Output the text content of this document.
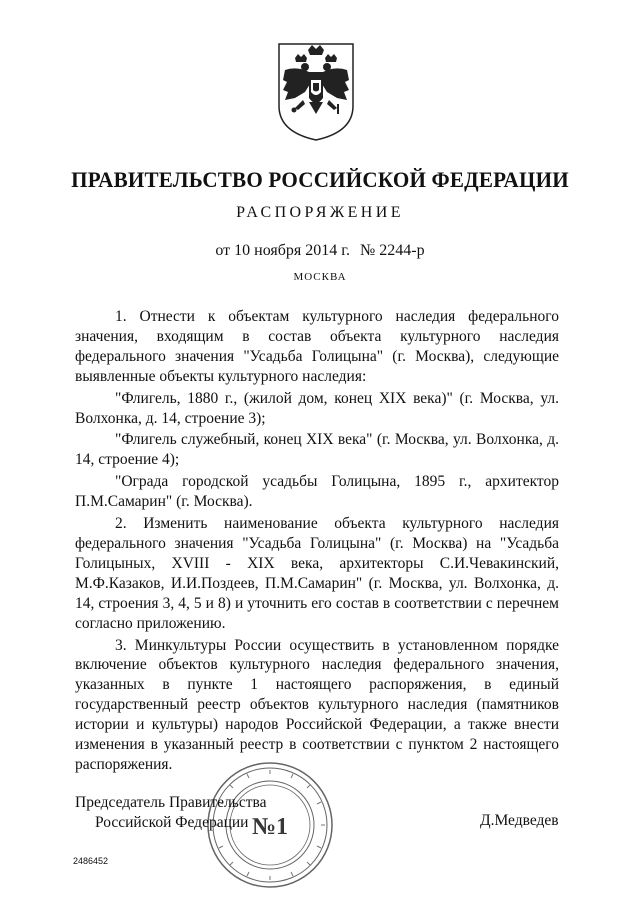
ПРАВИТЕЛЬСТВО РОССИЙСКОЙ ФЕДЕРАЦИИ
РАСПОРЯЖЕНИЕ
от 10 ноября 2014 г. № 2244-р
МОСКВА

1. Отнести к объектам культурного наследия федерального значения, входящим в состав объекта культурного наследия федерального значения "Усадьба Голицына" (г. Москва), следующие выявленные объекты культурного наследия:

"Флигель, 1880 г., (жилой дом, конец XIX века)" (г. Москва, ул. Волхонка, д. 14, строение 3);

"Флигель служебный, конец XIX века" (г. Москва, ул. Волхонка, д. 14, строение 4);

"Ограда городской усадьбы Голицына, 1895 г., архитектор П.М.Самарин" (г. Москва).

2. Изменить наименование объекта культурного наследия федерального значения "Усадьба Голицына" (г. Москва) на "Усадьба Голицыных, XVIII - XIX века, архитекторы С.И.Чевакинский, М.Ф.Казаков, И.И.Поздеев, П.М.Самарин" (г. Москва, ул. Волхонка, д. 14, строения 3, 4, 5 и 8) и уточнить его состав в соответствии с перечнем согласно приложению.

3. Минкультуры России осуществить в установленном порядке включение объектов культурного наследия федерального значения, указанных в пункте 1 настоящего распоряжения, в единый государственный реестр объектов культурного наследия (памятников истории и культуры) народов Российской Федерации, а также внести изменения в указанный реестр в соответствии с пунктом 2 настоящего распоряжения.

№1
Председатель Правительства
Российской Федерации	Д.Медведев
2486452
